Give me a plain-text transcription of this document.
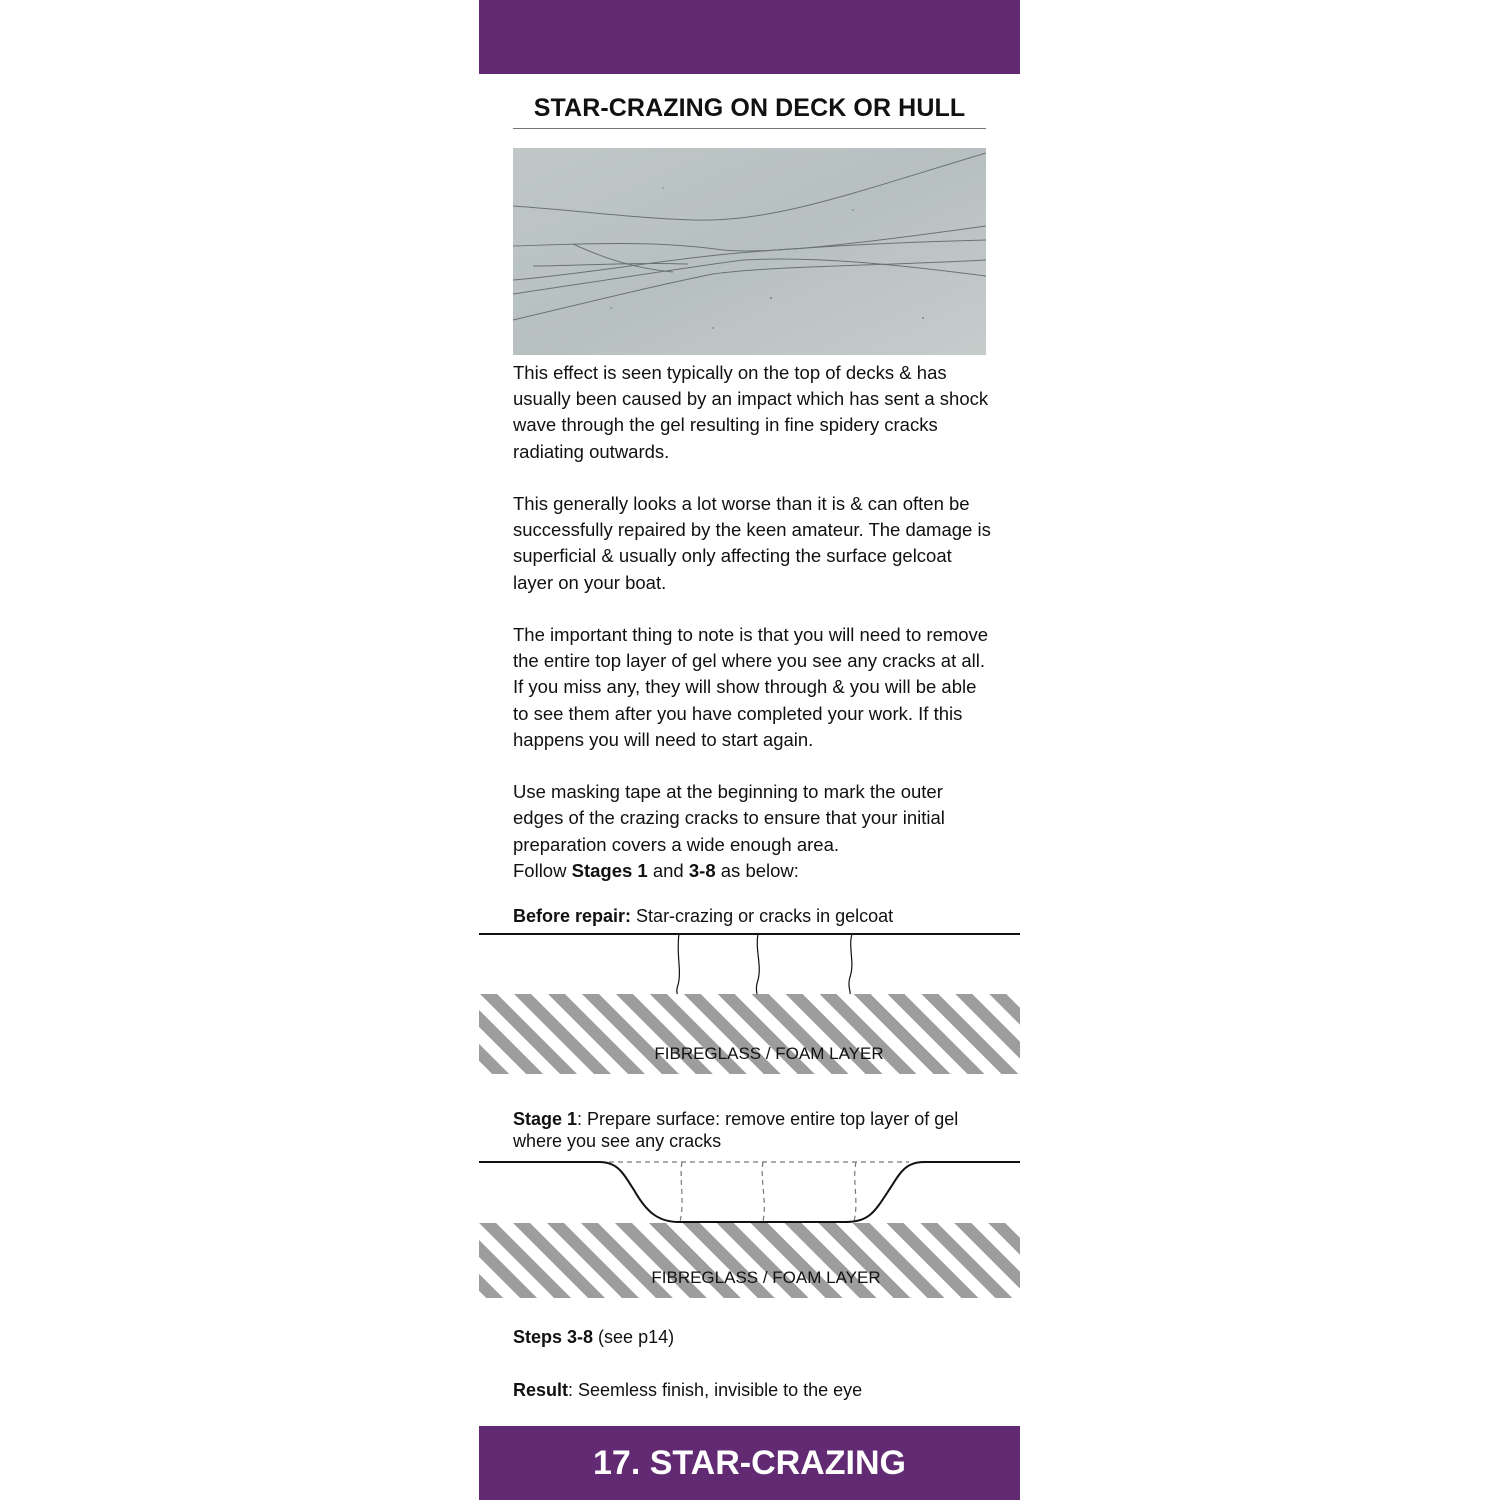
STAR-CRAZING ON DECK OR HULL

This effect is seen typically on the top of decks & has usually been caused by an impact which has sent a shock wave through the gel resulting in fine spidery cracks radiating outwards.

This generally looks a lot worse than it is & can often be successfully repaired by the keen amateur. The damage is superficial & usually only affecting the surface gelcoat layer on your boat.

The important thing to note is that you will need to remove the entire top layer of gel where you see any cracks at all. If you miss any, they will show through & you will be able to see them after you have completed your work. If this happens you will need to start again.

Use masking tape at the beginning to mark the outer edges of the crazing cracks to ensure that your initial preparation covers a wide enough area.

Follow Stages 1 and 3-8 as below:

Before repair: Star-crazing or cracks in gelcoat
FIBREGLASS / FOAM LAYER
Stage 1: Prepare surface: remove entire top layer of gel where you see any cracks
FIBREGLASS / FOAM LAYER
Steps 3-8 (see p14)
Result: Seemless finish, invisible to the eye
17. STAR-CRAZING
